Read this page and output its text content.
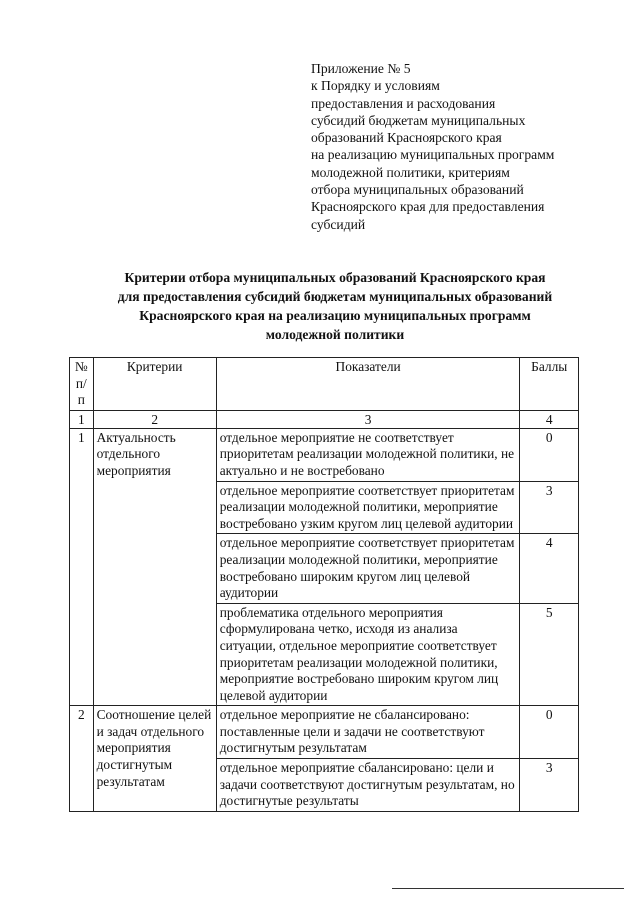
Приложение № 5
к Порядку и условиям
предоставления и расходования
субсидий бюджетам муниципальных
образований Красноярского края
на реализацию муниципальных программ
молодежной политики, критериям
отбора муниципальных образований
Красноярского края для предоставления
субсидий
Критерии отбора муниципальных образований Красноярского края
для предоставления субсидий бюджетам муниципальных образований
Красноярского края на реализацию муниципальных программ
молодежной политики
№ п/п	Критерии	Показатели	Баллы
1	2	3	4
1	Актуальность отдельного мероприятия	отдельное мероприятие не соответствует приоритетам реализации молодежной политики, не актуально и не востребовано	0
		отдельное мероприятие соответствует приоритетам реализации молодежной политики, мероприятие востребовано узким кругом лиц целевой аудитории	3
		отдельное мероприятие соответствует приоритетам реализации молодежной политики, мероприятие востребовано широким кругом лиц целевой аудитории	4
		проблематика отдельного мероприятия сформулирована четко, исходя из анализа ситуации, отдельное мероприятие соответствует приоритетам реализации молодежной политики, мероприятие востребовано широким кругом лиц целевой аудитории	5
2	Соотношение целей и задач отдельного мероприятия достигнутым результатам	отдельное мероприятие не сбалансировано: поставленные цели и задачи не соответствуют достигнутым результатам	0
		отдельное мероприятие сбалансировано: цели и задачи соответствуют достигнутым результатам, но достигнутые результаты	3
